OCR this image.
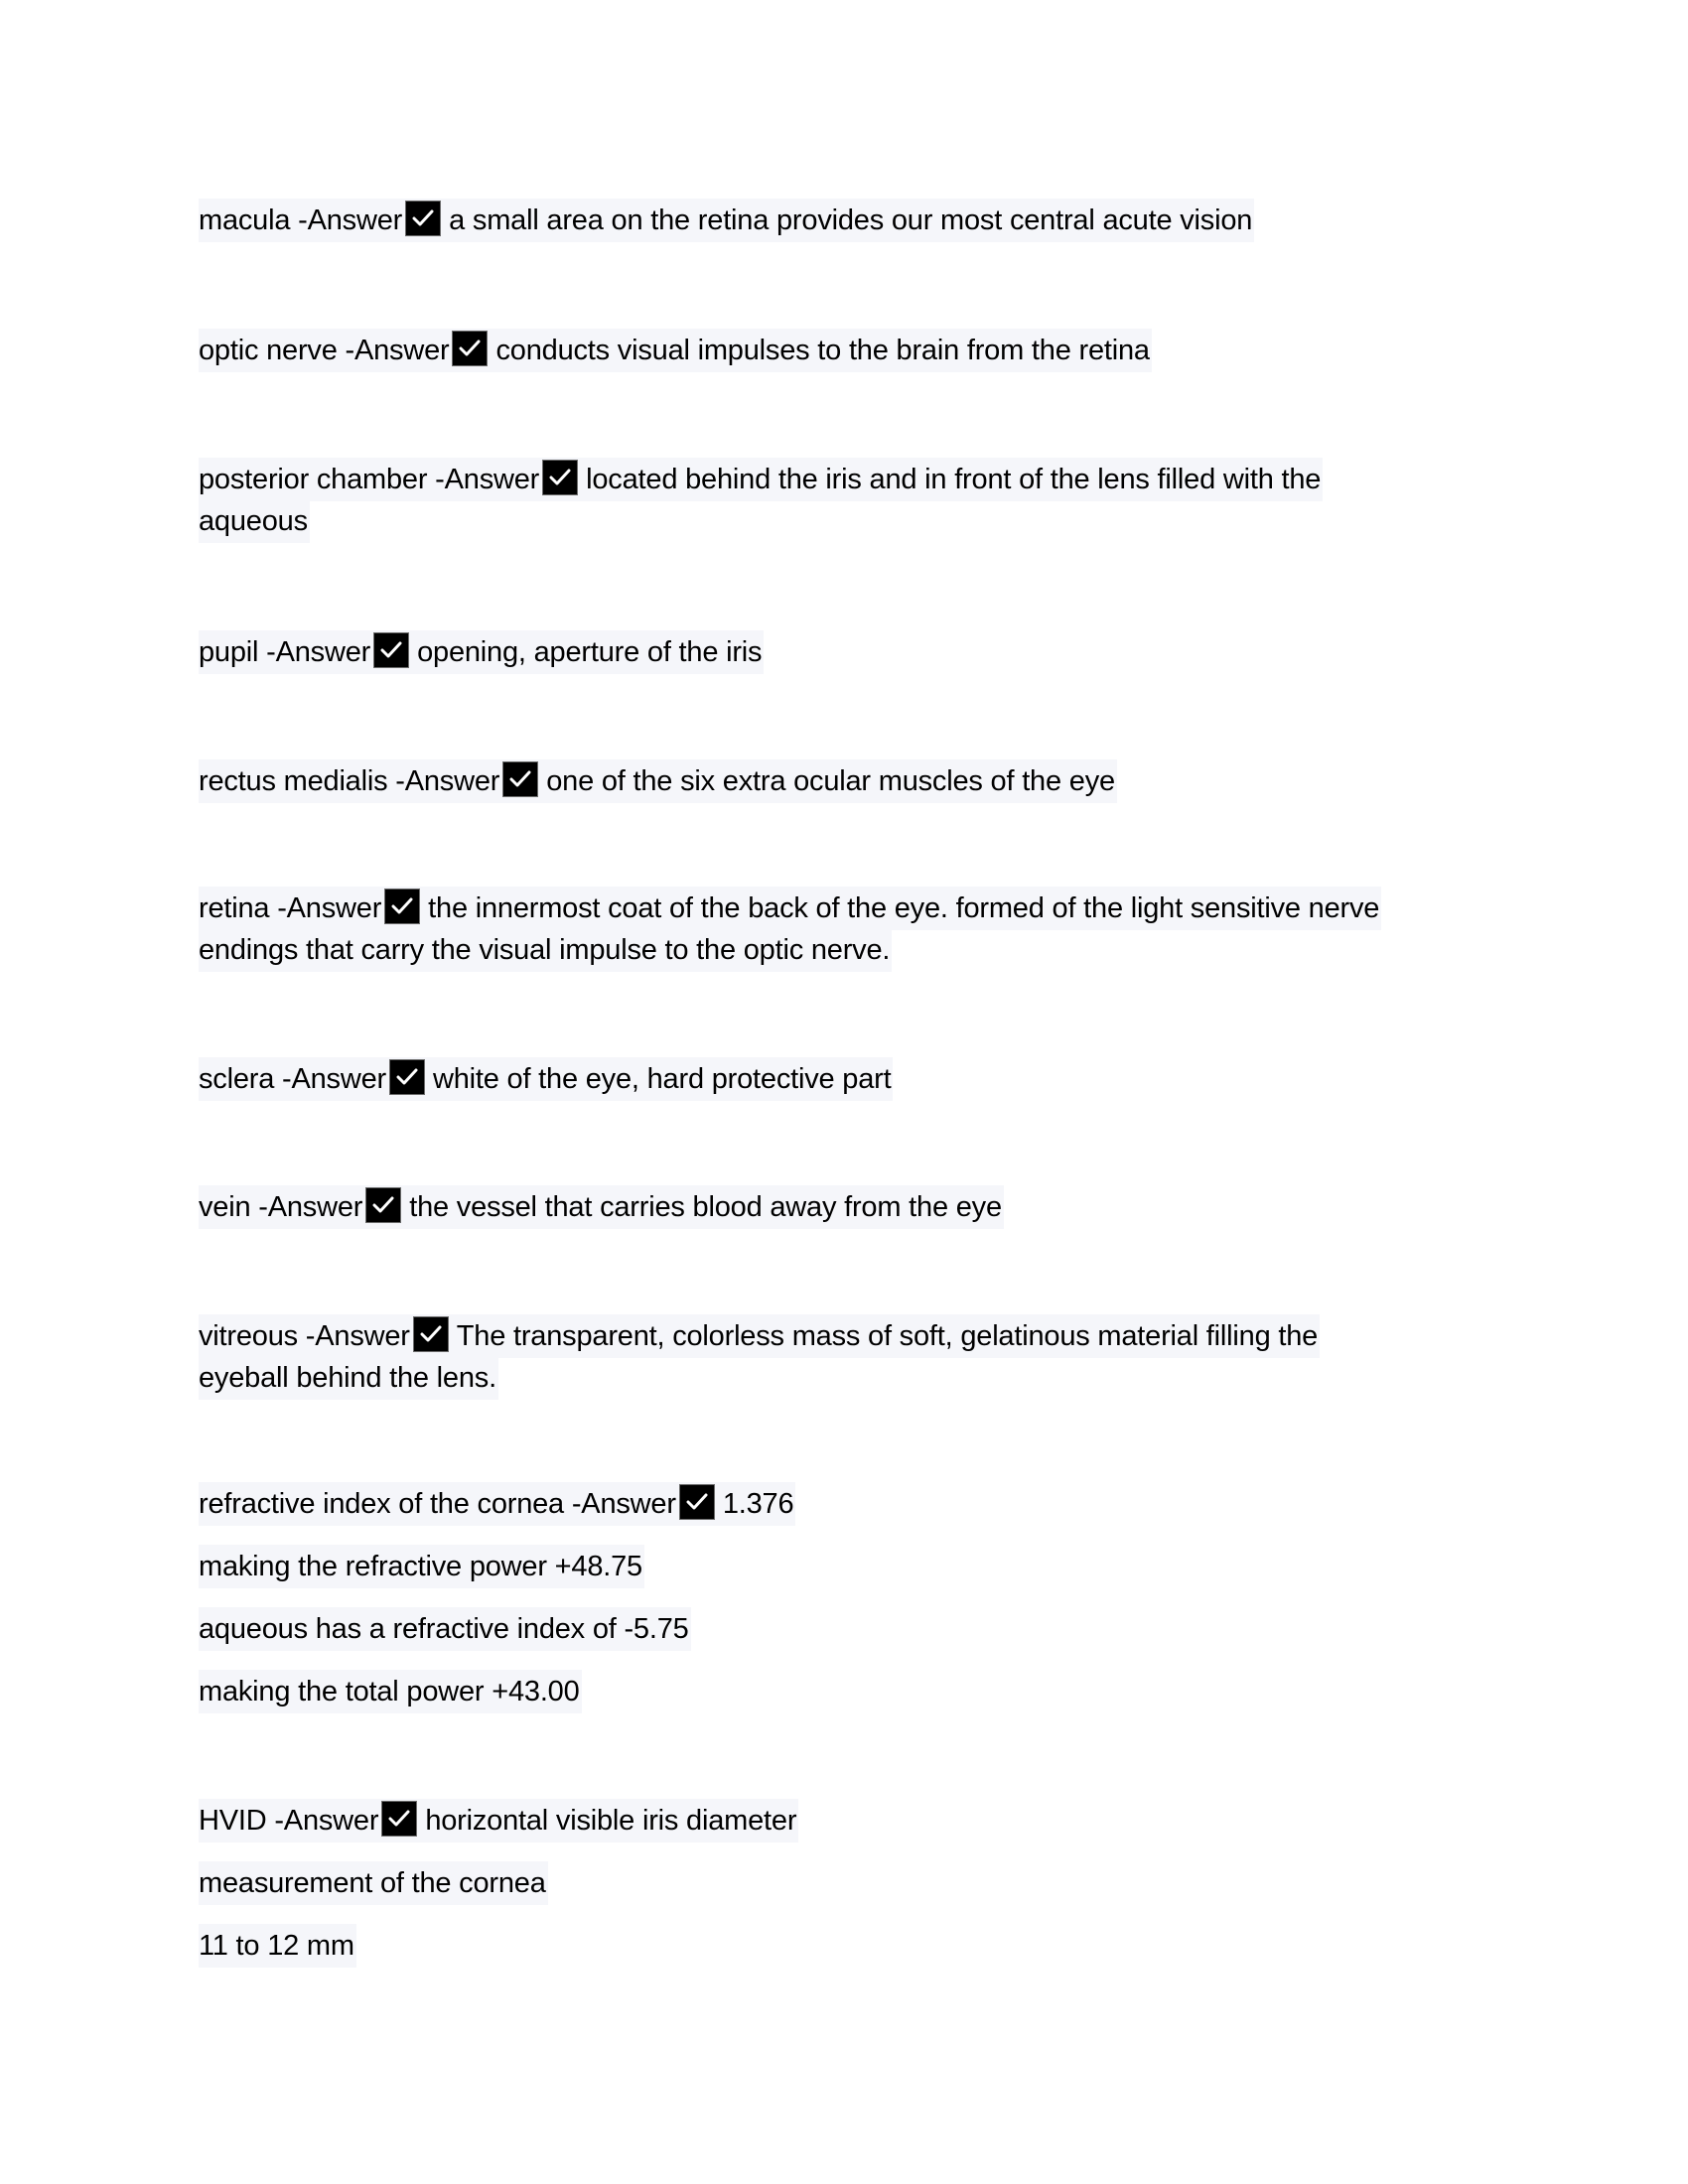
macula -Answer a small area on the retina provides our most central acute vision
optic nerve -Answer conducts visual impulses to the brain from the retina
posterior chamber -Answer located behind the iris and in front of the lens filled with the
aqueous
pupil -Answer opening, aperture of the iris
rectus medialis -Answer one of the six extra ocular muscles of the eye
retina -Answer the innermost coat of the back of the eye. formed of the light sensitive nerve
endings that carry the visual impulse to the optic nerve.
sclera -Answer white of the eye, hard protective part
vein -Answer the vessel that carries blood away from the eye
vitreous -Answer The transparent, colorless mass of soft, gelatinous material filling the
eyeball behind the lens.
refractive index of the cornea -Answer 1.376
making the refractive power +48.75
aqueous has a refractive index of -5.75
making the total power +43.00
HVID -Answer horizontal visible iris diameter
measurement of the cornea
11 to 12 mm
